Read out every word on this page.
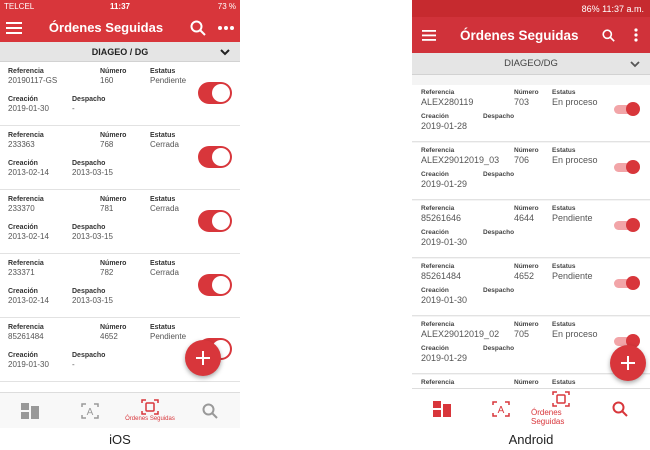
TELCEL	11:37	73 %
Órdenes Seguidas
DIAGEO / DG
Referencia
20190117-GS
Número
160
Estatus
Pendiente
Creación
2019-01-30
Despacho
-
Referencia
233363
Número
768
Estatus
Cerrada
Creación
2013-02-14
Despacho
2013-03-15
Referencia
233370
Número
781
Estatus
Cerrada
Creación
2013-02-14
Despacho
2013-03-15
Referencia
233371
Número
782
Estatus
Cerrada
Creación
2013-02-14
Despacho
2013-03-15
Referencia
85261484
Número
4652
Estatus
Pendiente
Creación
2019-01-30
Despacho
-
A
Órdenes Seguidas
86% 11:37 a.m.
Órdenes Seguidas
DIAGEO/DG
Referencia
ALEX280119
Número
703
Estatus
En proceso
Creación
2019-01-28
Despacho
Referencia
ALEX29012019_03
Número
706
Estatus
En proceso
Creación
2019-01-29
Despacho
Referencia
85261646
Número
4644
Estatus
Pendiente
Creación
2019-01-30
Despacho
Referencia
85261484
Número
4652
Estatus
Pendiente
Creación
2019-01-30
Despacho
Referencia
ALEX29012019_02
Número
705
Estatus
En proceso
Creación
2019-01-29
Despacho
Referencia	Número Estatus
A	Órdenes Seguidas
iOS	Android
